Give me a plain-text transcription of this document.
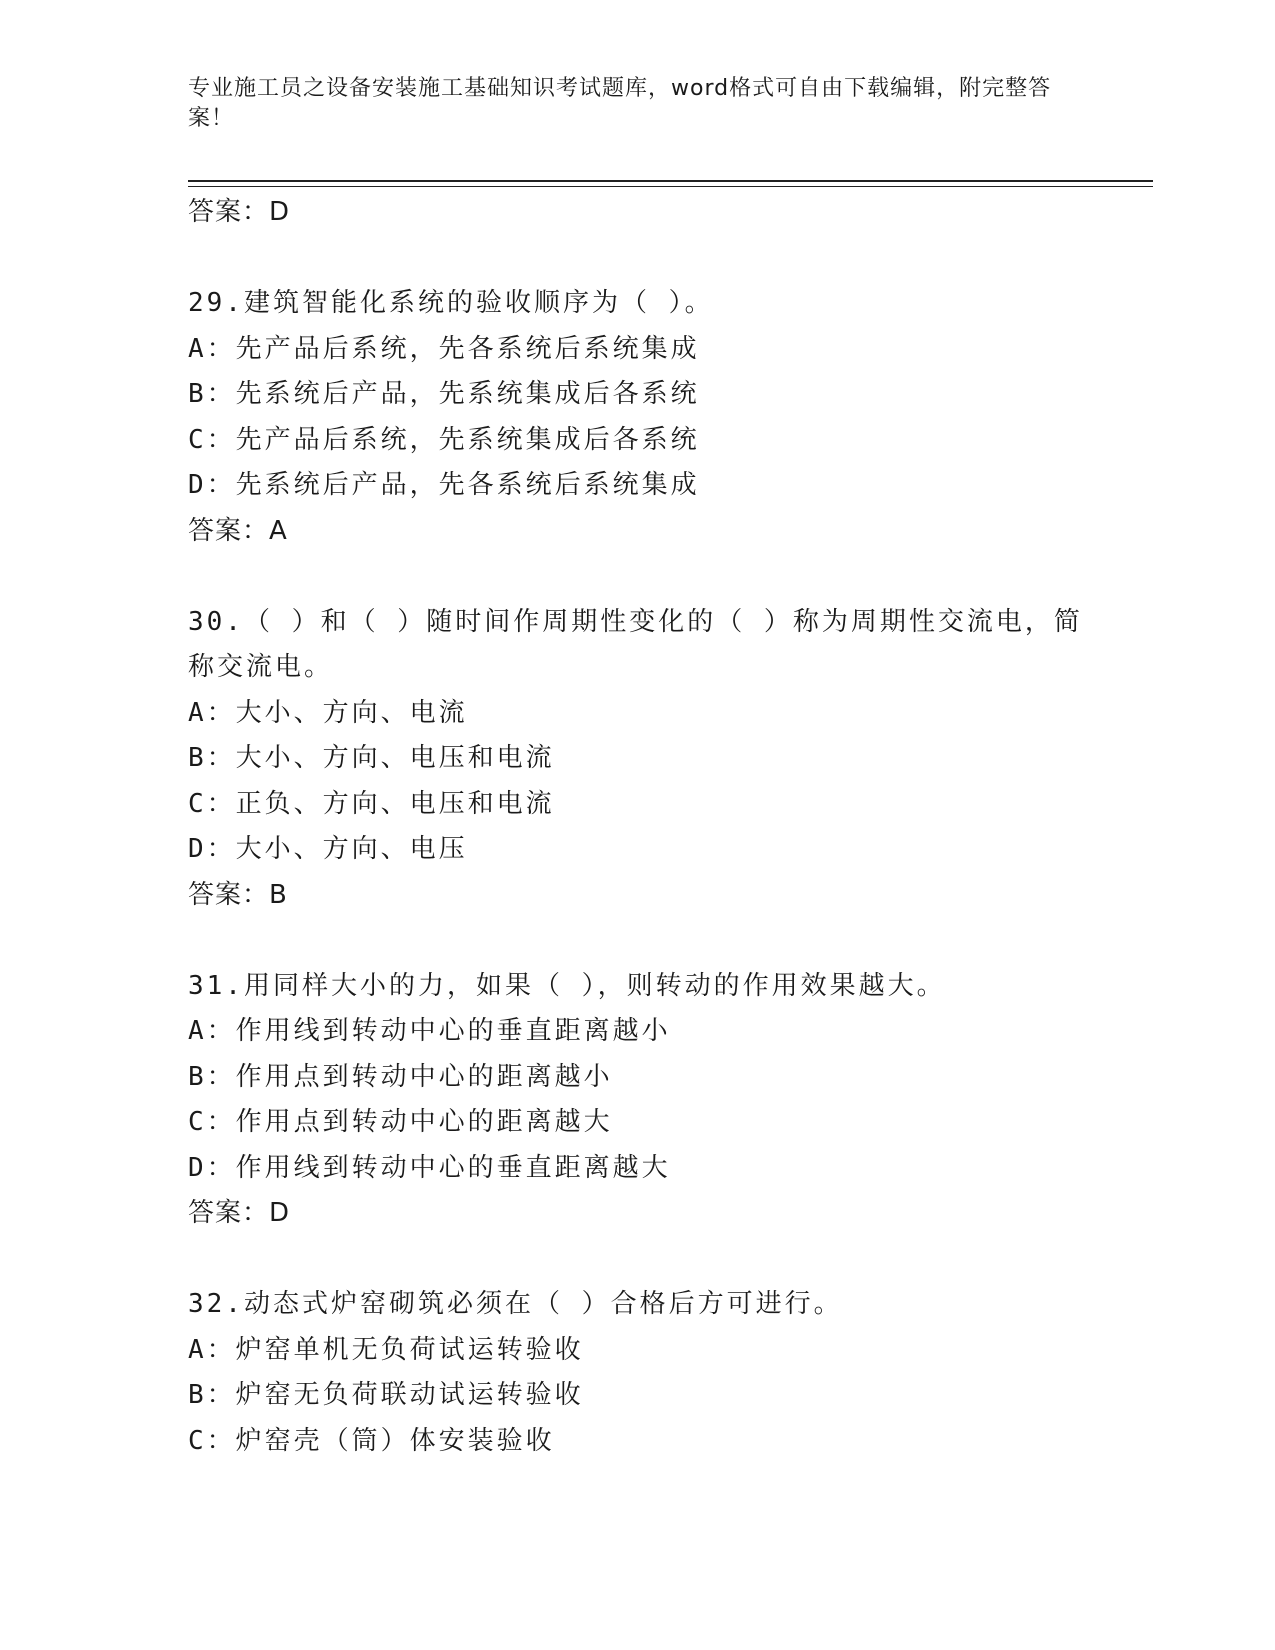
专业施工员之设备安装施工基础知识考试题库，word格式可自由下载编辑，附完整答案！
答案：D
29.建筑智能化系统的验收顺序为（ ）。
A：先产品后系统，先各系统后系统集成
B：先系统后产品，先系统集成后各系统
C：先产品后系统，先系统集成后各系统
D：先系统后产品，先各系统后系统集成
答案：A
30.（ ）和（ ）随时间作周期性变化的（ ）称为周期性交流电，简
称交流电。
A：大小、方向、电流
B：大小、方向、电压和电流
C：正负、方向、电压和电流
D：大小、方向、电压
答案：B
31.用同样大小的力，如果（ ），则转动的作用效果越大。
A：作用线到转动中心的垂直距离越小
B：作用点到转动中心的距离越小
C：作用点到转动中心的距离越大
D：作用线到转动中心的垂直距离越大
答案：D
32.动态式炉窑砌筑必须在（ ）合格后方可进行。
A：炉窑单机无负荷试运转验收
B：炉窑无负荷联动试运转验收
C：炉窑壳（筒）体安装验收
